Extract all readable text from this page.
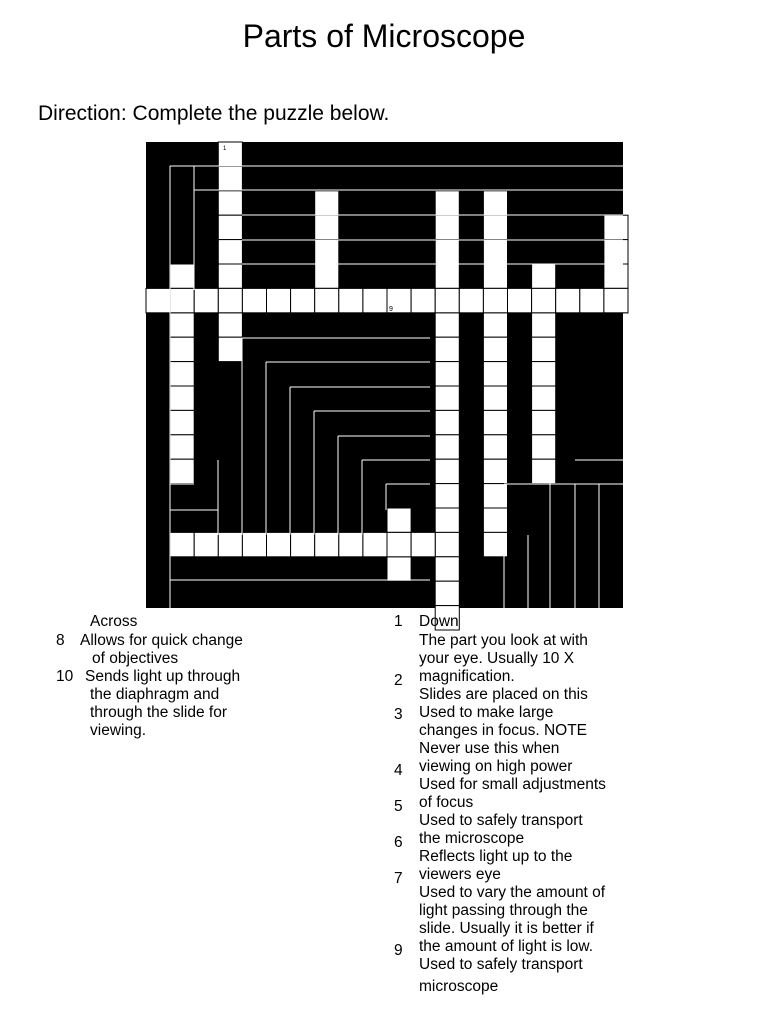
Parts of Microscope
Direction: Complete the puzzle below.
1
9
Across
8 Allows for quick change
of objectives
10 Sends light up through
the diaphragm and
through the slide for
viewing.
1 Down
2
3
4
5
6
7
9
The part you look at with
your eye. Usually 10 X
magnification.
Slides are placed on this
Used to make large
changes in focus. NOTE
Never use this when
viewing on high power
Used for small adjustments
of focus
Used to safely transport
the microscope
Reflects light up to the
viewers eye
Used to vary the amount of
light passing through the
slide. Usually it is better if
the amount of light is low.
Used to safely transport
microscope
